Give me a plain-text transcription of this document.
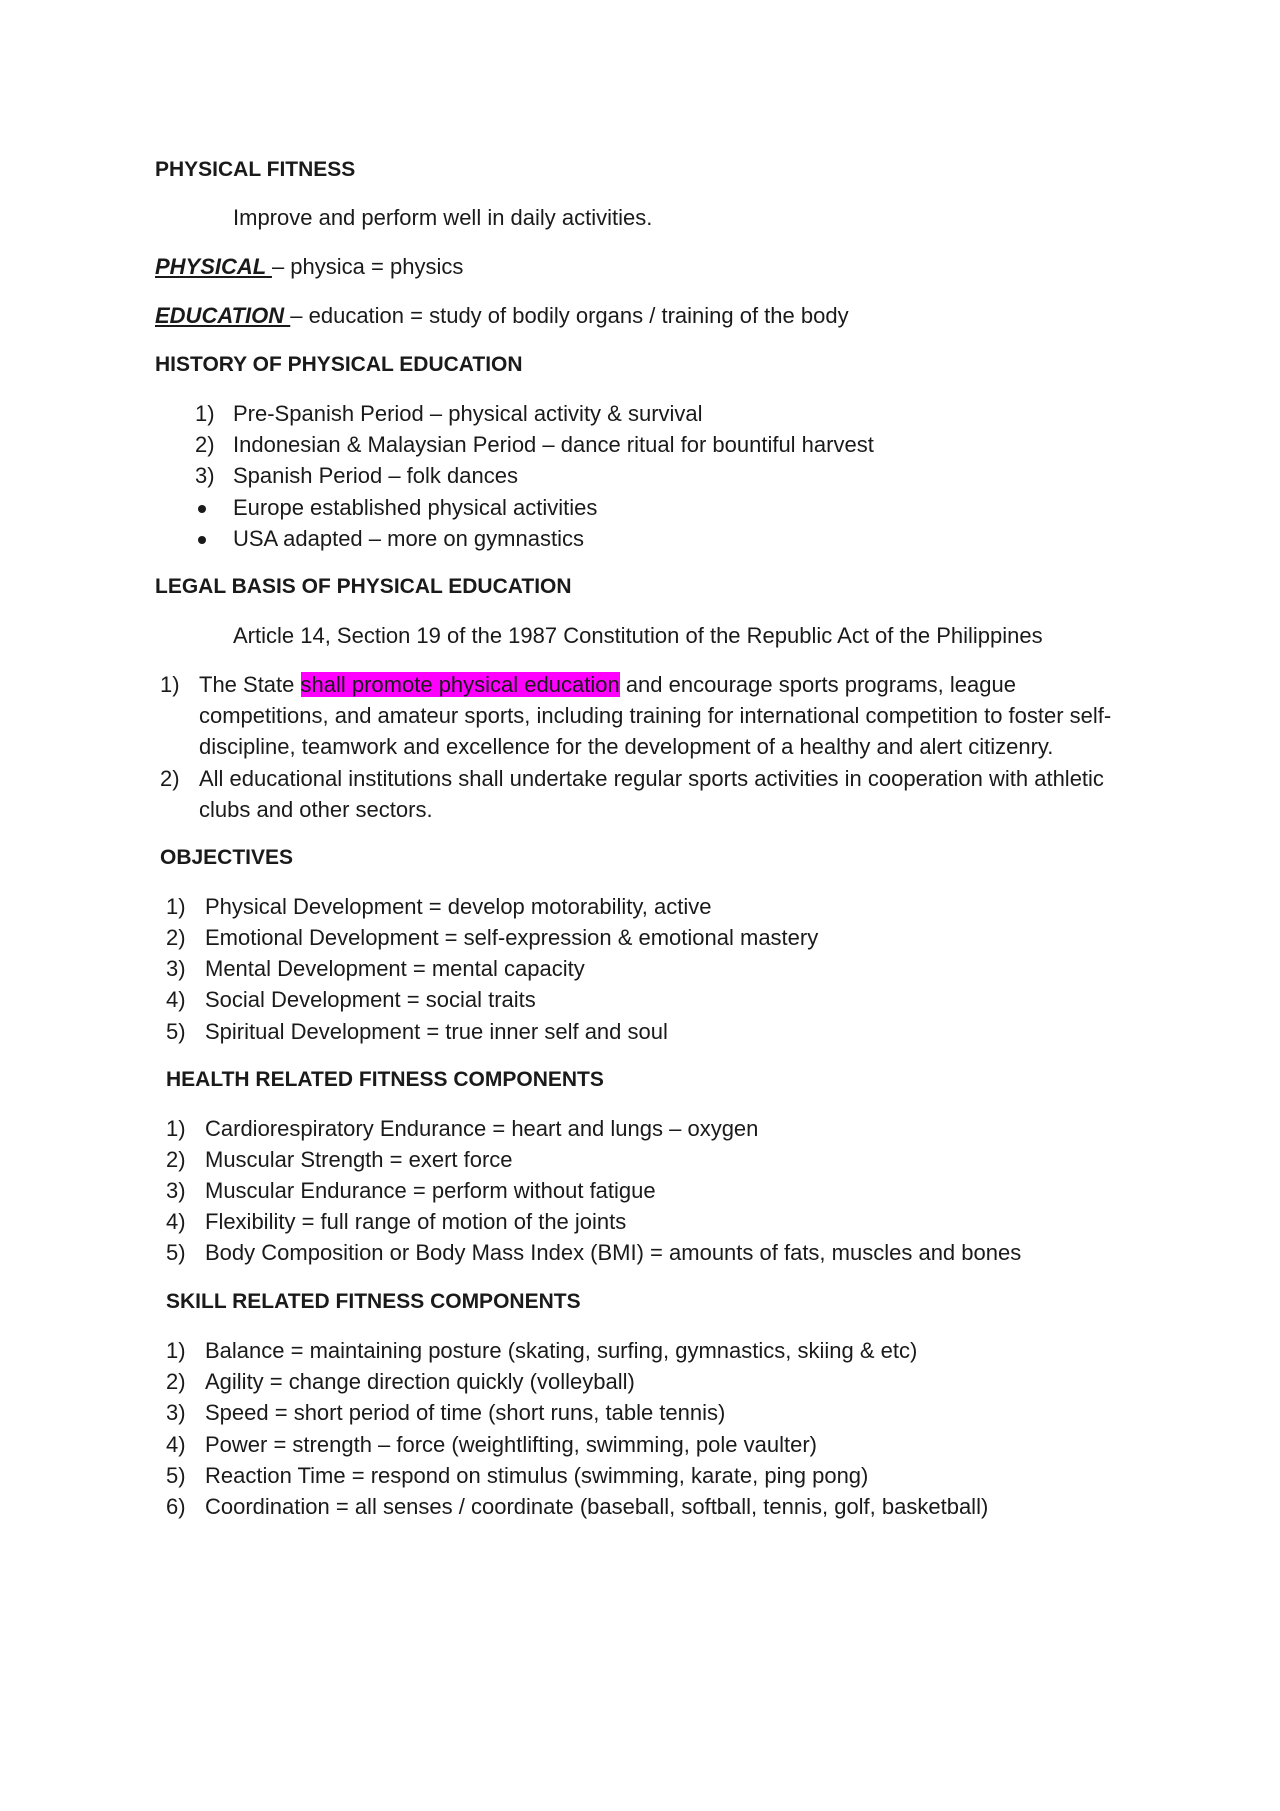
PHYSICAL FITNESS
Improve and perform well in daily activities.
PHYSICAL – physica = physics
EDUCATION – education = study of bodily organs / training of the body
HISTORY OF PHYSICAL EDUCATION
1) Pre-Spanish Period – physical activity & survival
2) Indonesian & Malaysian Period – dance ritual for bountiful harvest
3) Spanish Period – folk dances
Europe established physical activities
USA adapted – more on gymnastics
LEGAL BASIS OF PHYSICAL EDUCATION
Article 14, Section 19 of the 1987 Constitution of the Republic Act of the Philippines
1) The State shall promote physical education and encourage sports programs, league
competitions, and amateur sports, including training for international competition to foster self-
discipline, teamwork and excellence for the development of a healthy and alert citizenry.
2) All educational institutions shall undertake regular sports activities in cooperation with athletic
clubs and other sectors.
OBJECTIVES
1) Physical Development = develop motorability, active
2) Emotional Development = self-expression & emotional mastery
3) Mental Development = mental capacity
4) Social Development = social traits
5) Spiritual Development = true inner self and soul
HEALTH RELATED FITNESS COMPONENTS
1) Cardiorespiratory Endurance = heart and lungs – oxygen
2) Muscular Strength = exert force
3) Muscular Endurance = perform without fatigue
4) Flexibility = full range of motion of the joints
5) Body Composition or Body Mass Index (BMI) = amounts of fats, muscles and bones
SKILL RELATED FITNESS COMPONENTS
1) Balance = maintaining posture (skating, surfing, gymnastics, skiing & etc)
2) Agility = change direction quickly (volleyball)
3) Speed = short period of time (short runs, table tennis)
4) Power = strength – force (weightlifting, swimming, pole vaulter)
5) Reaction Time = respond on stimulus (swimming, karate, ping pong)
6) Coordination = all senses / coordinate (baseball, softball, tennis, golf, basketball)
